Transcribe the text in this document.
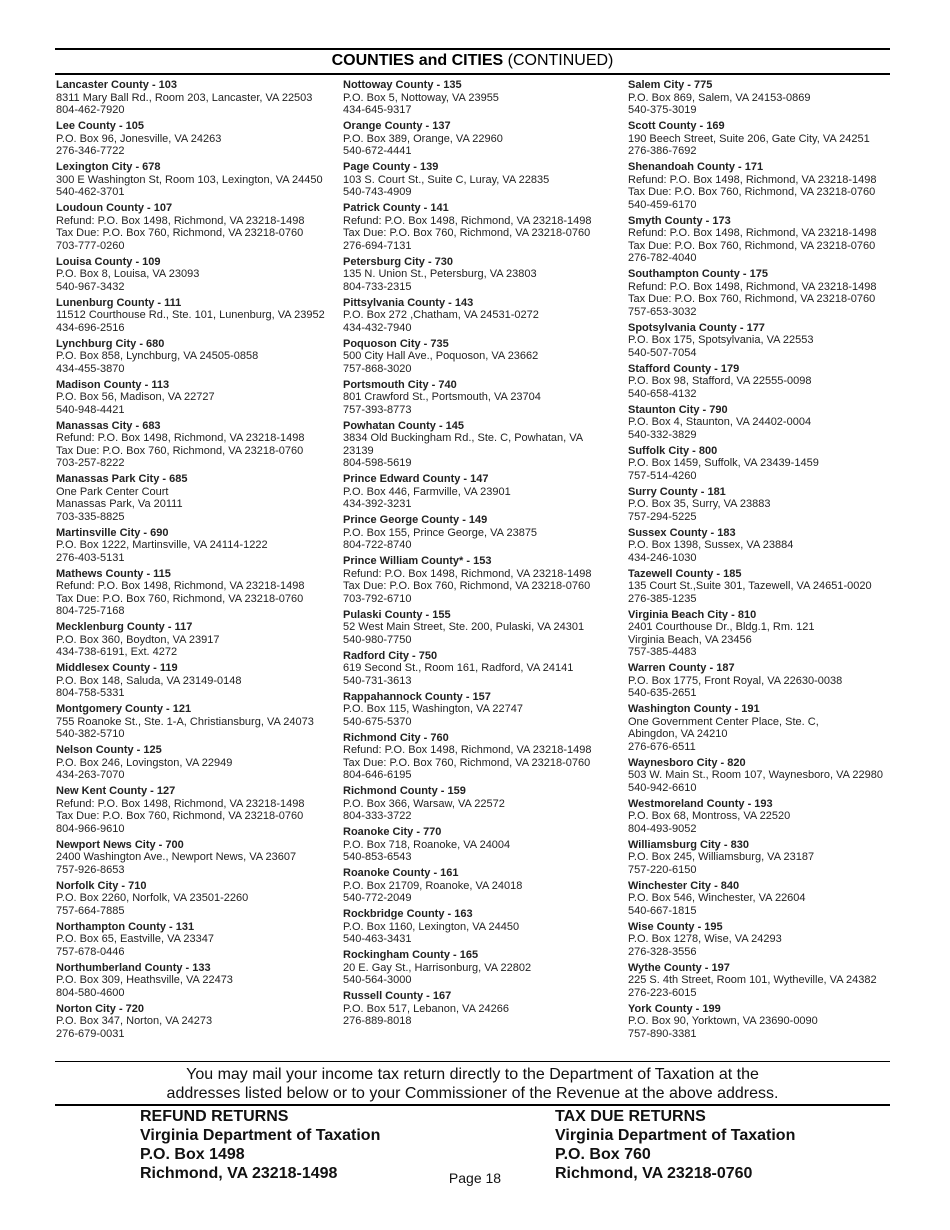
COUNTIES and CITIES (CONTINUED)
Lancaster County - 103
8311 Mary Ball Rd., Room 203, Lancaster, VA 22503
804-462-7920
Lee County - 105
P.O. Box 96, Jonesville, VA 24263
276-346-7722
Lexington City - 678
300 E Washington St, Room 103, Lexington, VA 24450
540-462-3701
Loudoun County - 107
Refund: P.O. Box 1498, Richmond, VA 23218-1498
Tax Due: P.O. Box 760, Richmond, VA 23218-0760
703-777-0260
Louisa County - 109
P.O. Box 8, Louisa, VA 23093
540-967-3432
Lunenburg County - 111
11512 Courthouse Rd., Ste. 101, Lunenburg, VA 23952
434-696-2516
Lynchburg City - 680
P.O. Box 858, Lynchburg, VA 24505-0858
434-455-3870
Madison County - 113
P.O. Box 56, Madison, VA 22727
540-948-4421
Manassas City - 683
Refund: P.O. Box 1498, Richmond, VA 23218-1498
Tax Due: P.O. Box 760, Richmond, VA 23218-0760
703-257-8222
Manassas Park City - 685
One Park Center Court
Manassas Park, Va 20111
703-335-8825
Martinsville City - 690
P.O. Box 1222, Martinsville, VA 24114-1222
276-403-5131
Mathews County - 115
Refund: P.O. Box 1498, Richmond, VA 23218-1498
Tax Due: P.O. Box 760, Richmond, VA 23218-0760
804-725-7168
Mecklenburg County - 117
P.O. Box 360, Boydton, VA 23917
434-738-6191, Ext. 4272
Middlesex County - 119
P.O. Box 148, Saluda, VA 23149-0148
804-758-5331
Montgomery County - 121
755 Roanoke St., Ste. 1-A, Christiansburg, VA 24073
540-382-5710
Nelson County - 125
P.O. Box 246, Lovingston, VA 22949
434-263-7070
New Kent County - 127
Refund: P.O. Box 1498, Richmond, VA 23218-1498
Tax Due: P.O. Box 760, Richmond, VA 23218-0760
804-966-9610
Newport News City - 700
2400 Washington Ave., Newport News, VA 23607
757-926-8653
Norfolk City - 710
P.O. Box 2260, Norfolk, VA 23501-2260
757-664-7885
Northampton County - 131
P.O. Box 65, Eastville, VA 23347
757-678-0446
Northumberland County - 133
P.O. Box 309, Heathsville, VA 22473
804-580-4600
Norton City - 720
P.O. Box 347, Norton, VA 24273
276-679-0031
Nottoway County - 135
P.O. Box 5, Nottoway, VA 23955
434-645-9317
Orange County - 137
P.O. Box 389, Orange, VA 22960
540-672-4441
Page County - 139
103 S. Court St., Suite C, Luray, VA 22835
540-743-4909
Patrick County - 141
Refund: P.O. Box 1498, Richmond, VA 23218-1498
Tax Due: P.O. Box 760, Richmond, VA 23218-0760
276-694-7131
Petersburg City - 730
135 N. Union St., Petersburg, VA 23803
804-733-2315
Pittsylvania County - 143
P.O. Box 272 ,Chatham, VA 24531-0272
434-432-7940
Poquoson City - 735
500 City Hall Ave., Poquoson, VA 23662
757-868-3020
Portsmouth City - 740
801 Crawford St., Portsmouth, VA 23704
757-393-8773
Powhatan County - 145
3834 Old Buckingham Rd., Ste. C, Powhatan, VA
23139
804-598-5619
Prince Edward County - 147
P.O. Box 446, Farmville, VA 23901
434-392-3231
Prince George County - 149
P.O. Box 155, Prince George, VA 23875
804-722-8740
Prince William County* - 153
Refund: P.O. Box 1498, Richmond, VA 23218-1498
Tax Due: P.O. Box 760, Richmond, VA 23218-0760
703-792-6710
Pulaski County - 155
52 West Main Street, Ste. 200, Pulaski, VA 24301
540-980-7750
Radford City - 750
619 Second St., Room 161, Radford, VA 24141
540-731-3613
Rappahannock County - 157
P.O. Box 115, Washington, VA 22747
540-675-5370
Richmond City - 760
Refund: P.O. Box 1498, Richmond, VA 23218-1498
Tax Due: P.O. Box 760, Richmond, VA 23218-0760
804-646-6195
Richmond County - 159
P.O. Box 366, Warsaw, VA 22572
804-333-3722
Roanoke City - 770
P.O. Box 718, Roanoke, VA 24004
540-853-6543
Roanoke County - 161
P.O. Box 21709, Roanoke, VA 24018
540-772-2049
Rockbridge County - 163
P.O. Box 1160, Lexington, VA 24450
540-463-3431
Rockingham County - 165
20 E. Gay St., Harrisonburg, VA 22802
540-564-3000
Russell County - 167
P.O. Box 517, Lebanon, VA 24266
276-889-8018
Salem City - 775
P.O. Box 869, Salem, VA 24153-0869
540-375-3019
Scott County - 169
190 Beech Street, Suite 206, Gate City, VA 24251
276-386-7692
Shenandoah County - 171
Refund: P.O. Box 1498, Richmond, VA 23218-1498
Tax Due: P.O. Box 760, Richmond, VA 23218-0760
540-459-6170
Smyth County - 173
Refund: P.O. Box 1498, Richmond, VA 23218-1498
Tax Due: P.O. Box 760, Richmond, VA 23218-0760
276-782-4040
Southampton County - 175
Refund: P.O. Box 1498, Richmond, VA 23218-1498
Tax Due: P.O. Box 760, Richmond, VA 23218-0760
757-653-3032
Spotsylvania County - 177
P.O. Box 175, Spotsylvania, VA 22553
540-507-7054
Stafford County - 179
P.O. Box 98, Stafford, VA 22555-0098
540-658-4132
Staunton City - 790
P.O. Box 4, Staunton, VA 24402-0004
540-332-3829
Suffolk City - 800
P.O. Box 1459, Suffolk, VA 23439-1459
757-514-4260
Surry County - 181
P.O. Box 35, Surry, VA 23883
757-294-5225
Sussex County - 183
P.O. Box 1398, Sussex, VA 23884
434-246-1030
Tazewell County - 185
135 Court St.,Suite 301, Tazewell, VA 24651-0020
276-385-1235
Virginia Beach City - 810
2401 Courthouse Dr., Bldg.1, Rm. 121
Virginia Beach, VA 23456
757-385-4483
Warren County - 187
P.O. Box 1775, Front Royal, VA 22630-0038
540-635-2651
Washington County - 191
One Government Center Place, Ste. C,
Abingdon, VA 24210
276-676-6511
Waynesboro City - 820
503 W. Main St., Room 107, Waynesboro, VA 22980
540-942-6610
Westmoreland County - 193
P.O. Box 68, Montross, VA 22520
804-493-9052
Williamsburg City - 830
P.O. Box 245, Williamsburg, VA 23187
757-220-6150
Winchester City - 840
P.O. Box 546, Winchester, VA 22604
540-667-1815
Wise County - 195
P.O. Box 1278, Wise, VA 24293
276-328-3556
Wythe County - 197
225 S. 4th Street, Room 101, Wytheville, VA 24382
276-223-6015
York County - 199
P.O. Box 90, Yorktown, VA 23690-0090
757-890-3381
You may mail your income tax return directly to the Department of Taxation at the
addresses listed below or to your Commissioner of the Revenue at the above address.
REFUND RETURNS
Virginia Department of Taxation
P.O. Box 1498
Richmond, VA 23218-1498
TAX DUE RETURNS
Virginia Department of Taxation
P.O. Box 760
Richmond, VA 23218-0760
Page 18
